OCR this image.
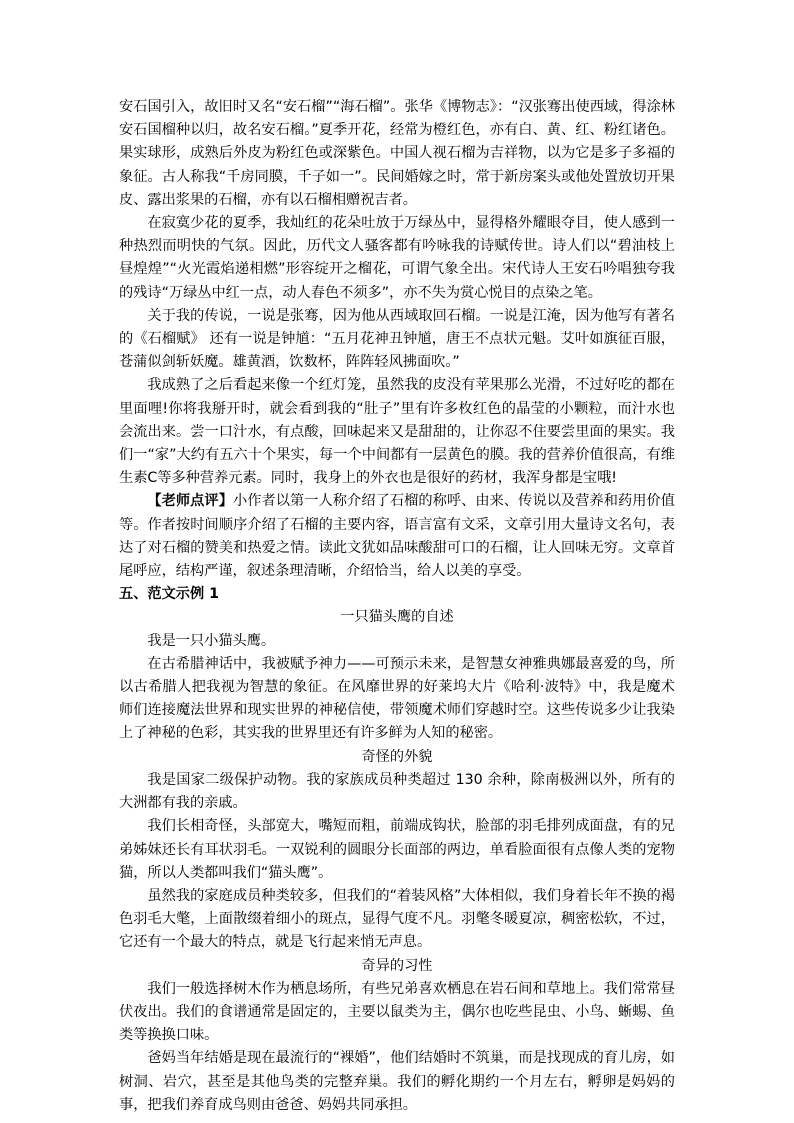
安石国引入，故旧时又名“安石榴”“海石榴”。张华《博物志》：“汉张骞出使西域，得涂林安石国榴种以归，故名安石榴。”夏季开花，经常为橙红色，亦有白、黄、红、粉红诸色。果实球形，成熟后外皮为粉红色或深紫色。中国人视石榴为吉祥物，以为它是多子多福的象征。古人称我“千房同膜，千子如一”。民间婚嫁之时，常于新房案头或他处置放切开果皮、露出浆果的石榴，亦有以石榴相赠祝吉者。

在寂寞少花的夏季，我灿红的花朵吐放于万绿丛中，显得格外耀眼夺目，使人感到一种热烈而明快的气氛。因此，历代文人骚客都有吟咏我的诗赋传世。诗人们以“碧油枝上昼煌煌”“火光霞焰递相燃”形容绽开之榴花，可谓气象全出。宋代诗人王安石吟唱独夸我的残诗“万绿丛中红一点，动人春色不须多”，亦不失为赏心悦目的点染之笔。

关于我的传说，一说是张骞，因为他从西域取回石榴。一说是江淹，因为他写有著名的《石榴赋》 还有一说是钟馗：“五月花神丑钟馗，唐王不点状元魁。艾叶如旗征百服，苍蒲似剑斩妖魔。雄黄酒，饮数杯，阵阵轻风拂面吹。”

我成熟了之后看起来像一个红灯笼，虽然我的皮没有苹果那么光滑，不过好吃的都在里面哩!你将我掰开时，就会看到我的“肚子”里有许多枚红色的晶莹的小颗粒，而汁水也会流出来。尝一口汁水，有点酸，回味起来又是甜甜的，让你忍不住要尝里面的果实。我们一“家”大约有五六十个果实，每一个中间都有一层黄色的膜。我的营养价值很高，有维生素C等多种营养元素。同时，我身上的外衣也是很好的药材，我浑身都是宝哦!

【老师点评】小作者以第一人称介绍了石榴的称呼、由来、传说以及营养和药用价值等。作者按时间顺序介绍了石榴的主要内容，语言富有文采，文章引用大量诗文名句，表达了对石榴的赞美和热爱之情。读此文犹如品味酸甜可口的石榴，让人回味无穷。文章首尾呼应，结构严谨，叙述条理清晰，介绍恰当，给人以美的享受。

五、范文示例 1

一只猫头鹰的自述

我是一只小猫头鹰。

在古希腊神话中，我被赋予神力——可预示未来，是智慧女神雅典娜最喜爱的鸟，所以古希腊人把我视为智慧的象征。在风靡世界的好莱坞大片《哈利·波特》中，我是魔术师们连接魔法世界和现实世界的神秘信使，带领魔术师们穿越时空。这些传说多少让我染上了神秘的色彩，其实我的世界里还有许多鲜为人知的秘密。

奇怪的外貌

我是国家二级保护动物。我的家族成员种类超过 130 余种，除南极洲以外，所有的大洲都有我的亲戚。

我们长相奇怪，头部宽大，嘴短而粗，前端成钩状，脸部的羽毛排列成面盘，有的兄弟姊妹还长有耳状羽毛。一双锐利的圆眼分长面部的两边，单看脸面很有点像人类的宠物猫，所以人类都叫我们“猫头鹰”。

虽然我的家庭成员种类较多，但我们的“着装风格”大体相似，我们身着长年不换的褐色羽毛大氅，上面散缀着细小的斑点，显得气度不凡。羽氅冬暖夏凉，稠密松软，不过，它还有一个最大的特点，就是飞行起来悄无声息。

奇异的习性

我们一般选择树木作为栖息场所，有些兄弟喜欢栖息在岩石间和草地上。我们常常昼伏夜出。我们的食谱通常是固定的，主要以鼠类为主，偶尔也吃些昆虫、小鸟、蜥蜴、鱼类等换换口味。

爸妈当年结婚是现在最流行的“裸婚”，他们结婚时不筑巢，而是找现成的育儿房，如树洞、岩穴，甚至是其他鸟类的完整弃巢。我们的孵化期约一个月左右，孵卵是妈妈的事，把我们养育成鸟则由爸爸、妈妈共同承担。
